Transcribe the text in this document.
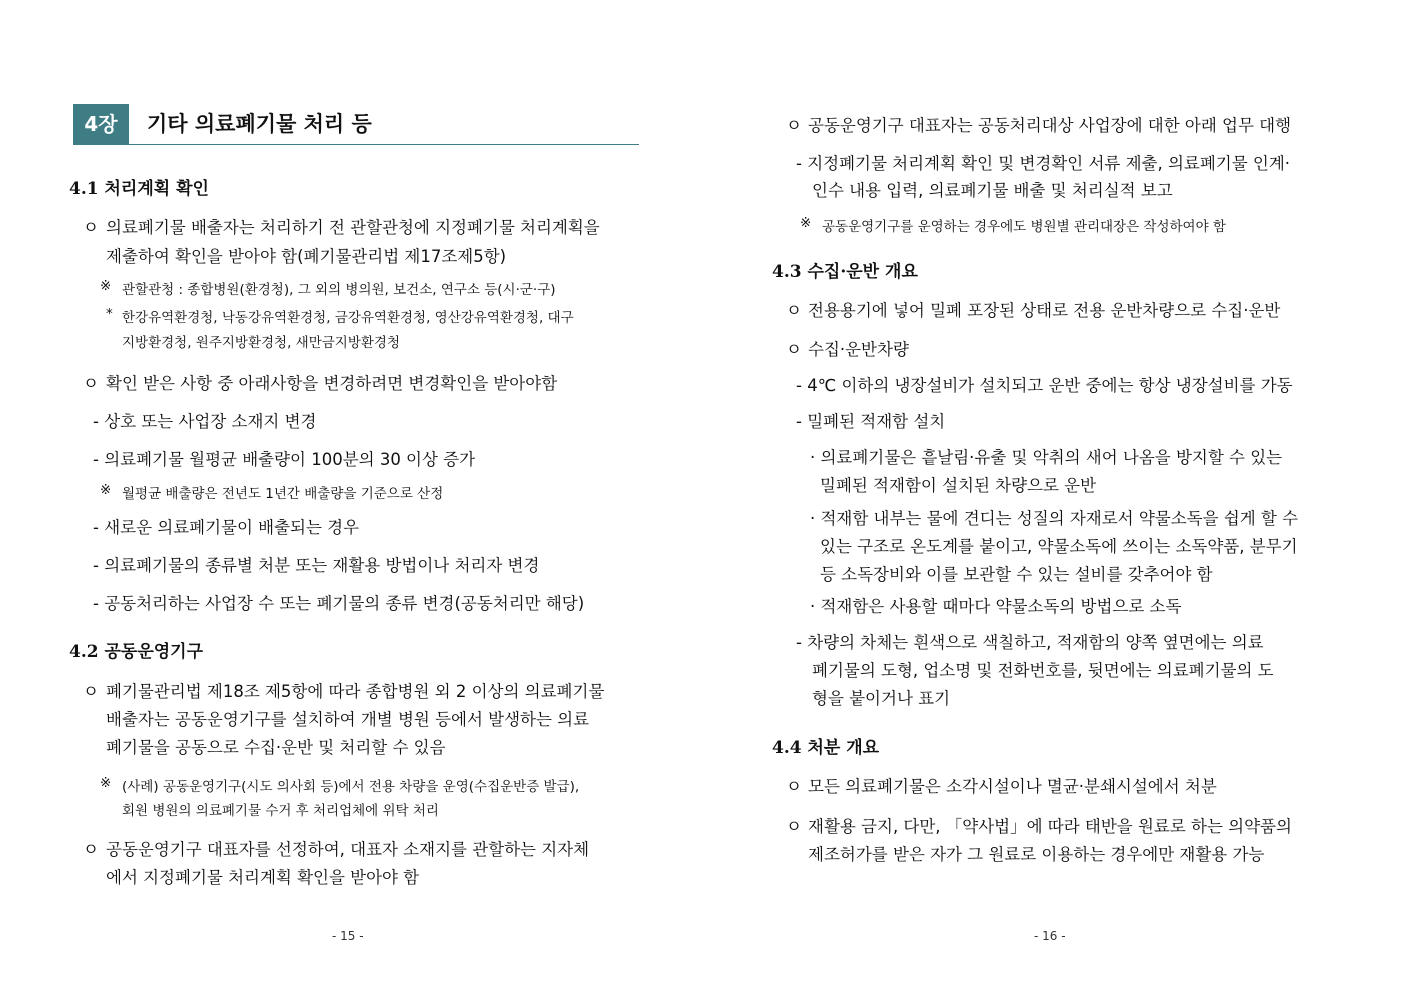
4장	기타 의료폐기물 처리 등
4.1 처리계획 확인
ㅇ 의료폐기물 배출자는 처리하기 전 관할관청에 지정폐기물 처리계획을
제출하여 확인을 받아야 함(폐기물관리법 제17조제5항)
※ 관할관청 : 종합병원(환경청), 그 외의 병의원, 보건소, 연구소 등(시·군·구)
* 한강유역환경청, 낙동강유역환경청, 금강유역환경청, 영산강유역환경청, 대구
지방환경청, 원주지방환경청, 새만금지방환경청
ㅇ 확인 받은 사항 중 아래사항을 변경하려면 변경확인을 받아야함
- 상호 또는 사업장 소재지 변경
- 의료폐기물 월평균 배출량이 100분의 30 이상 증가
※ 월평균 배출량은 전년도 1년간 배출량을 기준으로 산정
- 새로운 의료폐기물이 배출되는 경우
- 의료폐기물의 종류별 처분 또는 재활용 방법이나 처리자 변경
- 공동처리하는 사업장 수 또는 폐기물의 종류 변경(공동처리만 해당)
4.2 공동운영기구
ㅇ 폐기물관리법 제18조 제5항에 따라 종합병원 외 2 이상의 의료폐기물
배출자는 공동운영기구를 설치하여 개별 병원 등에서 발생하는 의료
폐기물을 공동으로 수집·운반 및 처리할 수 있음
※ (사례) 공동운영기구(시도 의사회 등)에서 전용 차량을 운영(수집운반증 발급),
회원 병원의 의료폐기물 수거 후 처리업체에 위탁 처리
ㅇ 공동운영기구 대표자를 선정하여, 대표자 소재지를 관할하는 지자체
에서 지정폐기물 처리계획 확인을 받아야 함
- 15 -
ㅇ 공동운영기구 대표자는 공동처리대상 사업장에 대한 아래 업무 대행
- 지정폐기물 처리계획 확인 및 변경확인 서류 제출, 의료폐기물 인계·
인수 내용 입력, 의료폐기물 배출 및 처리실적 보고
※ 공동운영기구를 운영하는 경우에도 병원별 관리대장은 작성하여야 함
4.3 수집·운반 개요
ㅇ 전용용기에 넣어 밀폐 포장된 상태로 전용 운반차량으로 수집·운반
ㅇ 수집·운반차량
- 4℃ 이하의 냉장설비가 설치되고 운반 중에는 항상 냉장설비를 가동
- 밀폐된 적재함 설치
· 의료폐기물은 흩날림·유출 및 악취의 새어 나옴을 방지할 수 있는
밀폐된 적재함이 설치된 차량으로 운반
· 적재함 내부는 물에 견디는 성질의 자재로서 약물소독을 쉽게 할 수
있는 구조로 온도계를 붙이고, 약물소독에 쓰이는 소독약품, 분무기
등 소독장비와 이를 보관할 수 있는 설비를 갖추어야 함
· 적재함은 사용할 때마다 약물소독의 방법으로 소독
- 차량의 차체는 흰색으로 색칠하고, 적재함의 양쪽 옆면에는 의료
폐기물의 도형, 업소명 및 전화번호를, 뒷면에는 의료폐기물의 도
형을 붙이거나 표기
4.4 처분 개요
ㅇ 모든 의료폐기물은 소각시설이나 멸균·분쇄시설에서 처분
ㅇ 재활용 금지, 다만, 「약사법」에 따라 태반을 원료로 하는 의약품의
제조허가를 받은 자가 그 원료로 이용하는 경우에만 재활용 가능
- 16 -
